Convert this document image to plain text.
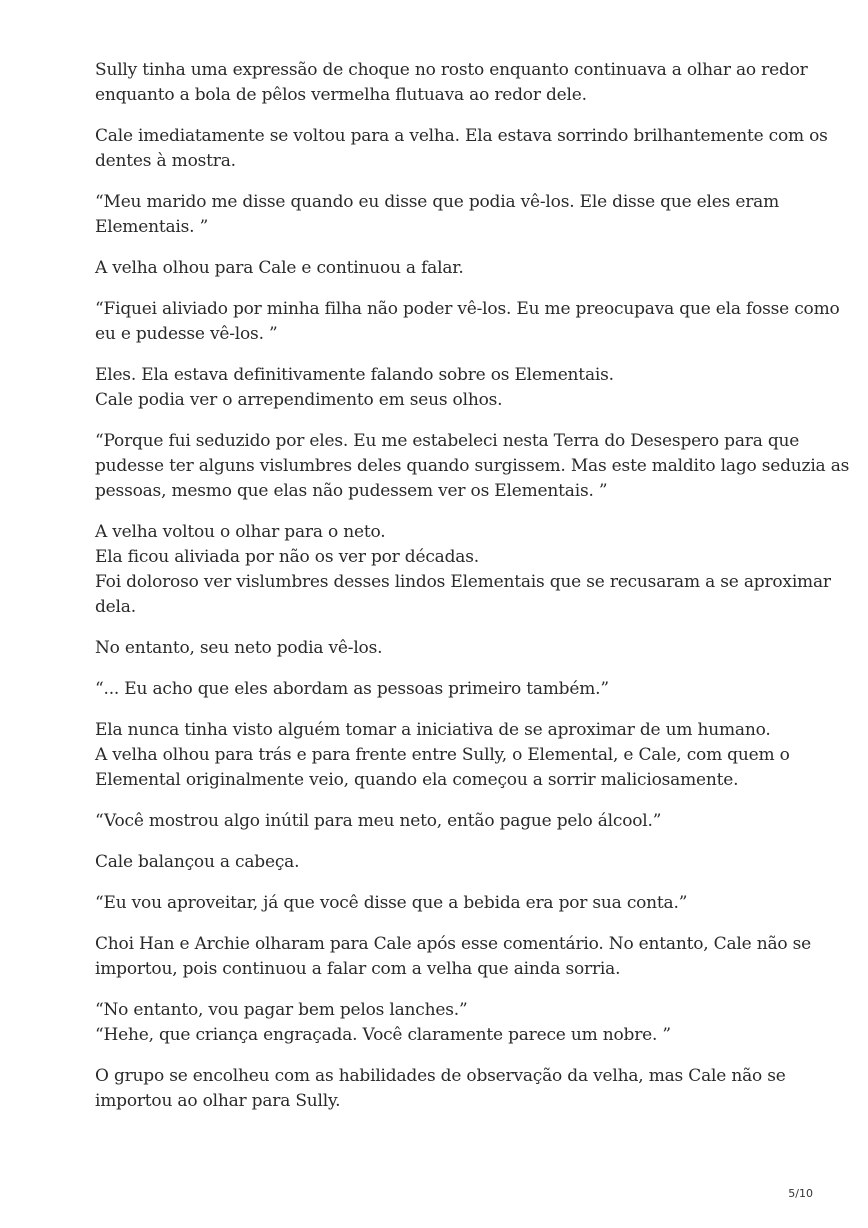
Sully tinha uma expressão de choque no rosto enquanto continuava a olhar ao redor
enquanto a bola de pêlos vermelha flutuava ao redor dele.

Cale imediatamente se voltou para a velha. Ela estava sorrindo brilhantemente com os
dentes à mostra.

“Meu marido me disse quando eu disse que podia vê-los. Ele disse que eles eram
Elementais. ”

A velha olhou para Cale e continuou a falar.

“Fiquei aliviado por minha filha não poder vê-los. Eu me preocupava que ela fosse como
eu e pudesse vê-los. ”

Eles. Ela estava definitivamente falando sobre os Elementais.
Cale podia ver o arrependimento em seus olhos.

“Porque fui seduzido por eles. Eu me estabeleci nesta Terra do Desespero para que
pudesse ter alguns vislumbres deles quando surgissem. Mas este maldito lago seduzia as
pessoas, mesmo que elas não pudessem ver os Elementais. ”

A velha voltou o olhar para o neto.
Ela ficou aliviada por não os ver por décadas.
Foi doloroso ver vislumbres desses lindos Elementais que se recusaram a se aproximar
dela.

No entanto, seu neto podia vê-los.

“... Eu acho que eles abordam as pessoas primeiro também.”

Ela nunca tinha visto alguém tomar a iniciativa de se aproximar de um humano.
A velha olhou para trás e para frente entre Sully, o Elemental, e Cale, com quem o
Elemental originalmente veio, quando ela começou a sorrir maliciosamente.

“Você mostrou algo inútil para meu neto, então pague pelo álcool.”

Cale balançou a cabeça.

“Eu vou aproveitar, já que você disse que a bebida era por sua conta.”

Choi Han e Archie olharam para Cale após esse comentário. No entanto, Cale não se
importou, pois continuou a falar com a velha que ainda sorria.

“No entanto, vou pagar bem pelos lanches.”
“Hehe, que criança engraçada. Você claramente parece um nobre. ”

O grupo se encolheu com as habilidades de observação da velha, mas Cale não se
importou ao olhar para Sully.

5/10
